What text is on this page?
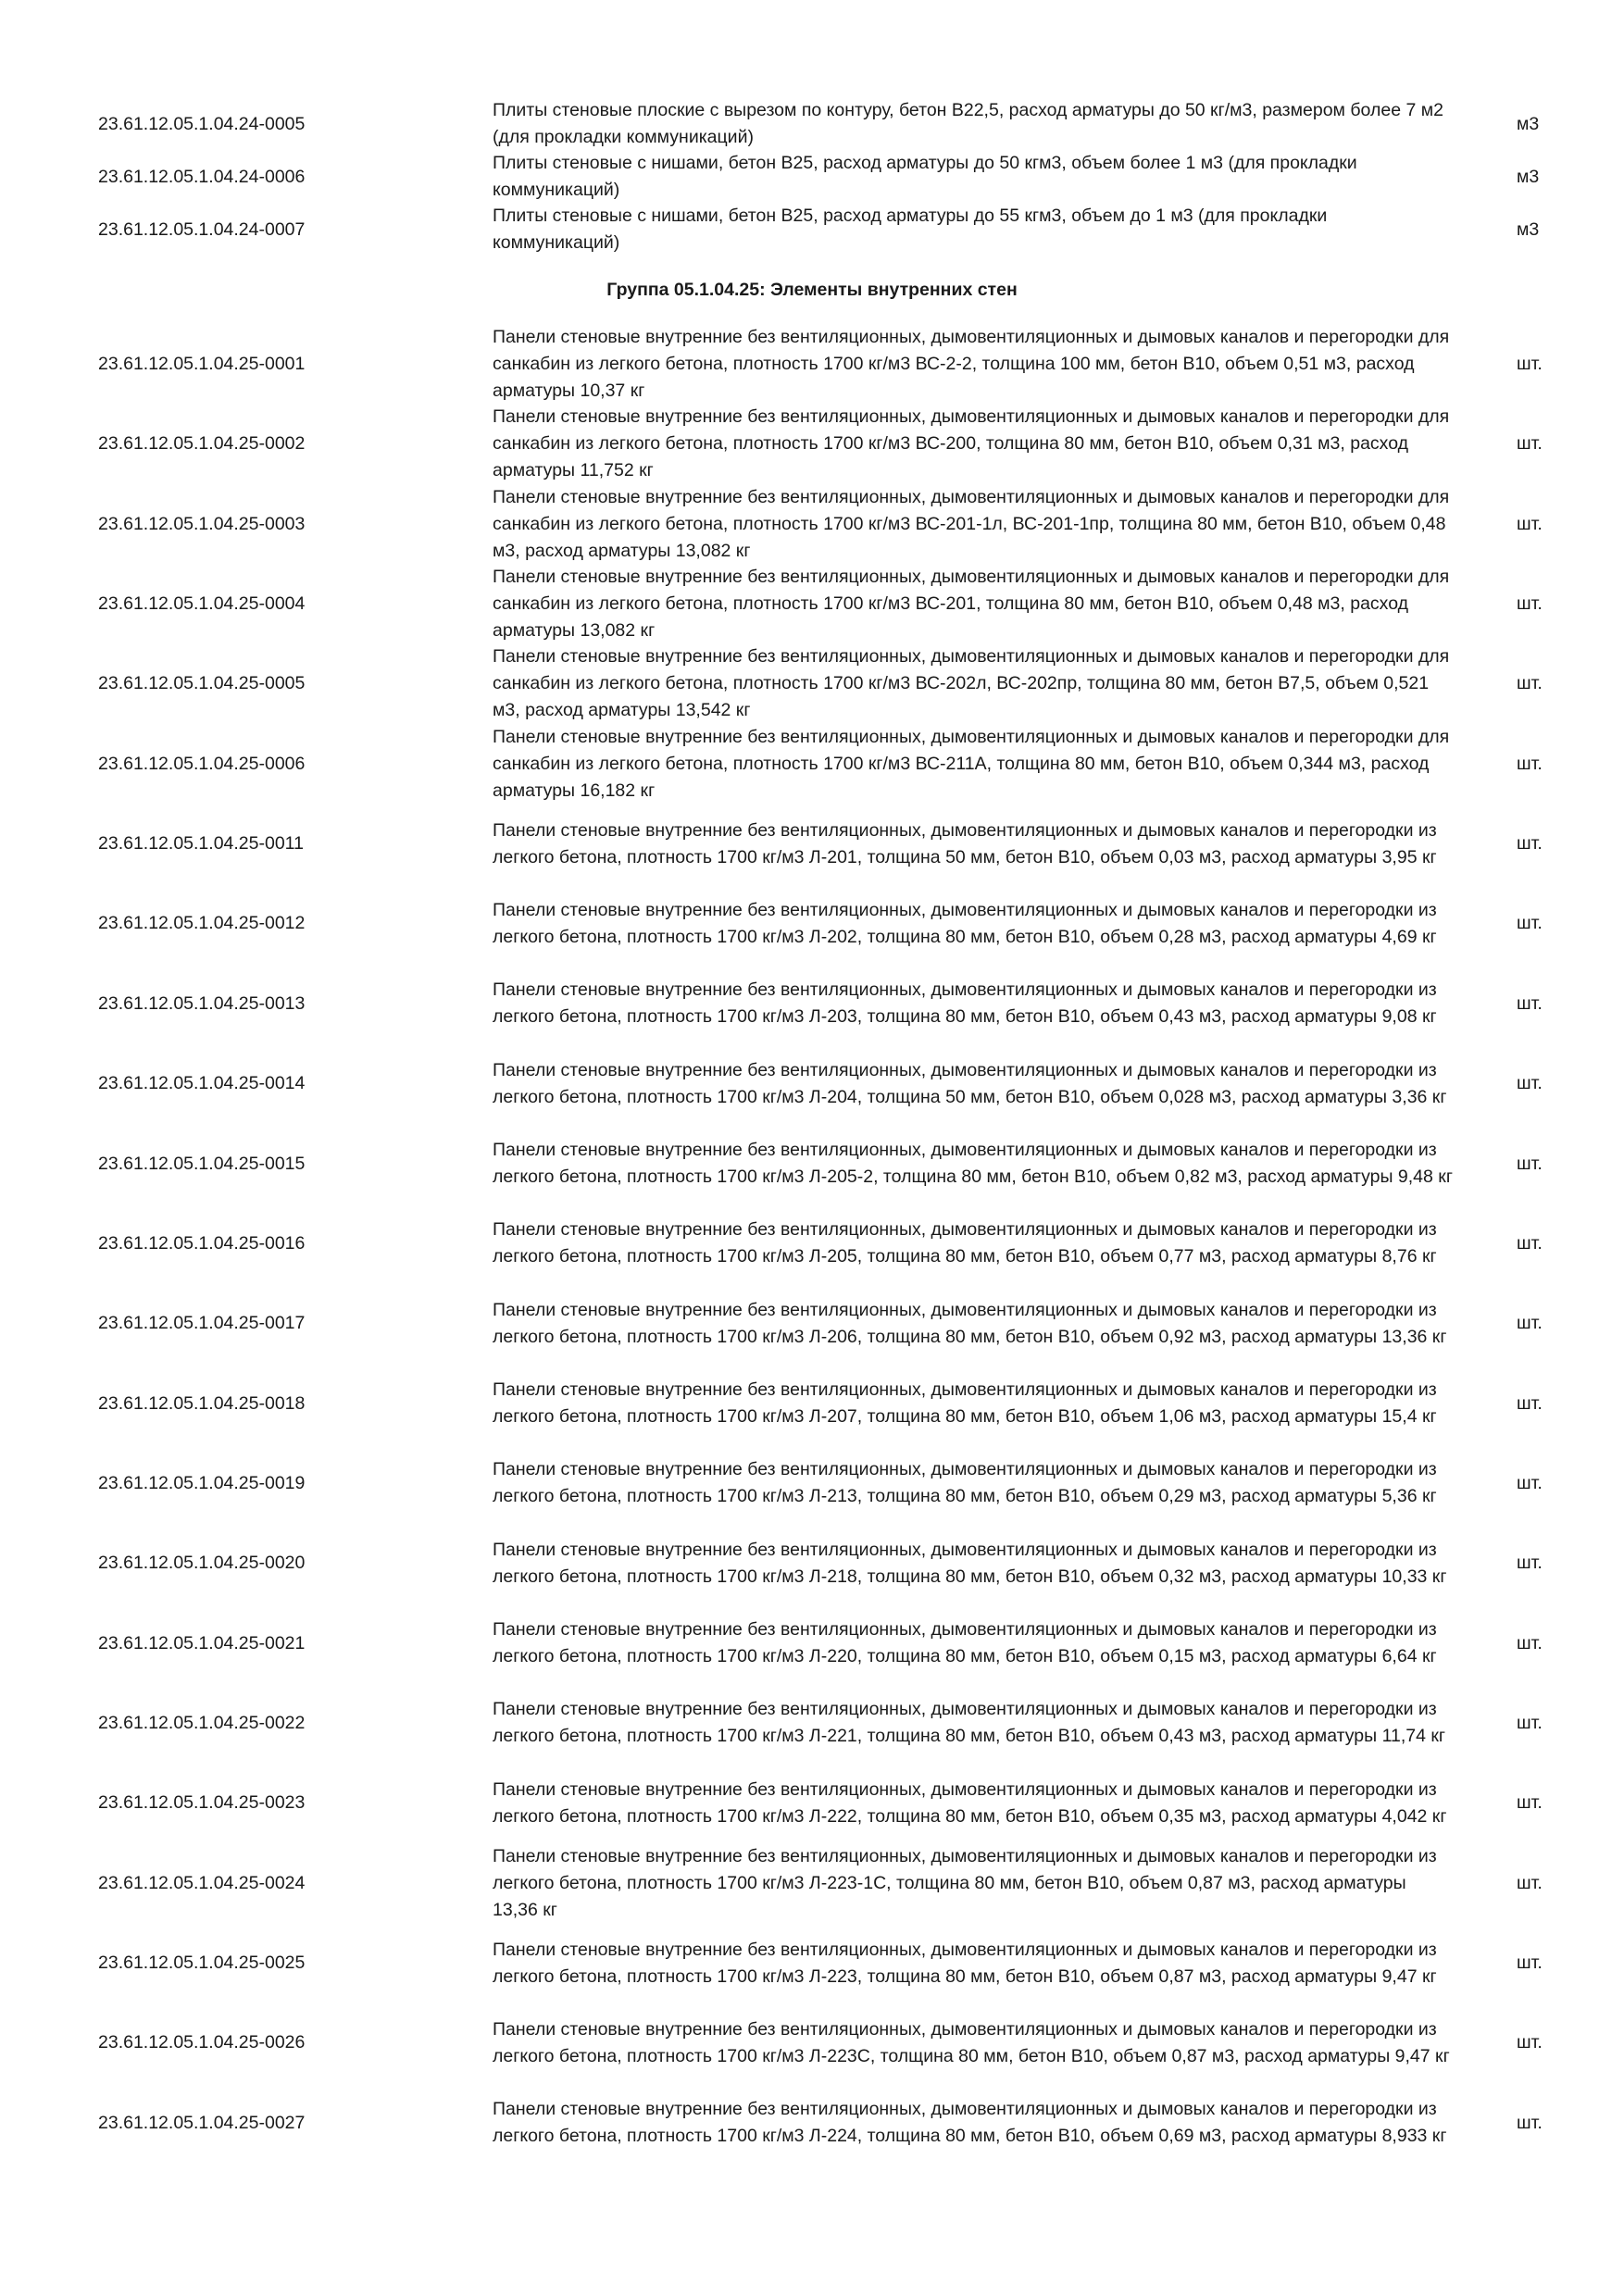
23.61.12.05.1.04.24-0005
Плиты стеновые плоские с вырезом по контуру, бетон В22,5, расход арматуры до 50 кг/м3, размером более 7 м2 (для прокладки коммуникаций)
м3
23.61.12.05.1.04.24-0006
Плиты стеновые с нишами, бетон В25, расход арматуры до 50 кгм3, объем более 1 м3 (для прокладки коммуникаций)
м3
23.61.12.05.1.04.24-0007
Плиты стеновые с нишами, бетон В25, расход арматуры до 55 кгм3, объем до 1 м3 (для прокладки коммуникаций)
м3
Группа 05.1.04.25: Элементы внутренних стен
23.61.12.05.1.04.25-0001
Панели стеновые внутренние без вентиляционных, дымовентиляционных и дымовых каналов и перегородки для санкабин из легкого бетона, плотность 1700 кг/м3 ВС-2-2, толщина 100 мм, бетон В10, объем 0,51 м3, расход арматуры 10,37 кг
шт.
23.61.12.05.1.04.25-0002
Панели стеновые внутренние без вентиляционных, дымовентиляционных и дымовых каналов и перегородки для санкабин из легкого бетона, плотность 1700 кг/м3 ВС-200, толщина 80 мм, бетон В10, объем 0,31 м3, расход арматуры 11,752 кг
шт.
23.61.12.05.1.04.25-0003
Панели стеновые внутренние без вентиляционных, дымовентиляционных и дымовых каналов и перегородки для санкабин из легкого бетона, плотность 1700 кг/м3 ВС-201-1л, ВС-201-1пр, толщина 80 мм, бетон В10, объем 0,48 м3, расход арматуры 13,082 кг
шт.
23.61.12.05.1.04.25-0004
Панели стеновые внутренние без вентиляционных, дымовентиляционных и дымовых каналов и перегородки для санкабин из легкого бетона, плотность 1700 кг/м3 ВС-201, толщина 80 мм, бетон В10, объем 0,48 м3, расход арматуры 13,082 кг
шт.
23.61.12.05.1.04.25-0005
Панели стеновые внутренние без вентиляционных, дымовентиляционных и дымовых каналов и перегородки для санкабин из легкого бетона, плотность 1700 кг/м3 ВС-202л, ВС-202пр, толщина 80 мм, бетон В7,5, объем 0,521 м3, расход арматуры 13,542 кг
шт.
23.61.12.05.1.04.25-0006
Панели стеновые внутренние без вентиляционных, дымовентиляционных и дымовых каналов и перегородки для санкабин из легкого бетона, плотность 1700 кг/м3 ВС-211А, толщина 80 мм, бетон В10, объем 0,344 м3, расход арматуры 16,182 кг
шт.
23.61.12.05.1.04.25-0011
Панели стеновые внутренние без вентиляционных, дымовентиляционных и дымовых каналов и перегородки из легкого бетона, плотность 1700 кг/м3 Л-201, толщина 50 мм, бетон В10, объем 0,03 м3, расход арматуры 3,95 кг
шт.
23.61.12.05.1.04.25-0012
Панели стеновые внутренние без вентиляционных, дымовентиляционных и дымовых каналов и перегородки из легкого бетона, плотность 1700 кг/м3 Л-202, толщина 80 мм, бетон В10, объем 0,28 м3, расход арматуры 4,69 кг
шт.
23.61.12.05.1.04.25-0013
Панели стеновые внутренние без вентиляционных, дымовентиляционных и дымовых каналов и перегородки из легкого бетона, плотность 1700 кг/м3 Л-203, толщина 80 мм, бетон В10, объем 0,43 м3, расход арматуры 9,08 кг
шт.
23.61.12.05.1.04.25-0014
Панели стеновые внутренние без вентиляционных, дымовентиляционных и дымовых каналов и перегородки из легкого бетона, плотность 1700 кг/м3 Л-204, толщина 50 мм, бетон В10, объем 0,028 м3, расход арматуры 3,36 кг
шт.
23.61.12.05.1.04.25-0015
Панели стеновые внутренние без вентиляционных, дымовентиляционных и дымовых каналов и перегородки из легкого бетона, плотность 1700 кг/м3 Л-205-2, толщина 80 мм, бетон В10, объем 0,82 м3, расход арматуры 9,48 кг
шт.
23.61.12.05.1.04.25-0016
Панели стеновые внутренние без вентиляционных, дымовентиляционных и дымовых каналов и перегородки из легкого бетона, плотность 1700 кг/м3 Л-205, толщина 80 мм, бетон В10, объем 0,77 м3, расход арматуры 8,76 кг
шт.
23.61.12.05.1.04.25-0017
Панели стеновые внутренние без вентиляционных, дымовентиляционных и дымовых каналов и перегородки из легкого бетона, плотность 1700 кг/м3 Л-206, толщина 80 мм, бетон В10, объем 0,92 м3, расход арматуры 13,36 кг
шт.
23.61.12.05.1.04.25-0018
Панели стеновые внутренние без вентиляционных, дымовентиляционных и дымовых каналов и перегородки из легкого бетона, плотность 1700 кг/м3 Л-207, толщина 80 мм, бетон В10, объем 1,06 м3, расход арматуры 15,4 кг
шт.
23.61.12.05.1.04.25-0019
Панели стеновые внутренние без вентиляционных, дымовентиляционных и дымовых каналов и перегородки из легкого бетона, плотность 1700 кг/м3 Л-213, толщина 80 мм, бетон В10, объем 0,29 м3, расход арматуры 5,36 кг
шт.
23.61.12.05.1.04.25-0020
Панели стеновые внутренние без вентиляционных, дымовентиляционных и дымовых каналов и перегородки из легкого бетона, плотность 1700 кг/м3 Л-218, толщина 80 мм, бетон В10, объем 0,32 м3, расход арматуры 10,33 кг
шт.
23.61.12.05.1.04.25-0021
Панели стеновые внутренние без вентиляционных, дымовентиляционных и дымовых каналов и перегородки из легкого бетона, плотность 1700 кг/м3 Л-220, толщина 80 мм, бетон В10, объем 0,15 м3, расход арматуры 6,64 кг
шт.
23.61.12.05.1.04.25-0022
Панели стеновые внутренние без вентиляционных, дымовентиляционных и дымовых каналов и перегородки из легкого бетона, плотность 1700 кг/м3 Л-221, толщина 80 мм, бетон В10, объем 0,43 м3, расход арматуры 11,74 кг
шт.
23.61.12.05.1.04.25-0023
Панели стеновые внутренние без вентиляционных, дымовентиляционных и дымовых каналов и перегородки из легкого бетона, плотность 1700 кг/м3 Л-222, толщина 80 мм, бетон В10, объем 0,35 м3, расход арматуры 4,042 кг
шт.
23.61.12.05.1.04.25-0024
Панели стеновые внутренние без вентиляционных, дымовентиляционных и дымовых каналов и перегородки из легкого бетона, плотность 1700 кг/м3 Л-223-1С, толщина 80 мм, бетон В10, объем 0,87 м3, расход арматуры 13,36 кг
шт.
23.61.12.05.1.04.25-0025
Панели стеновые внутренние без вентиляционных, дымовентиляционных и дымовых каналов и перегородки из легкого бетона, плотность 1700 кг/м3 Л-223, толщина 80 мм, бетон В10, объем 0,87 м3, расход арматуры 9,47 кг
шт.
23.61.12.05.1.04.25-0026
Панели стеновые внутренние без вентиляционных, дымовентиляционных и дымовых каналов и перегородки из легкого бетона, плотность 1700 кг/м3 Л-223С, толщина 80 мм, бетон В10, объем 0,87 м3, расход арматуры 9,47 кг
шт.
23.61.12.05.1.04.25-0027
Панели стеновые внутренние без вентиляционных, дымовентиляционных и дымовых каналов и перегородки из легкого бетона, плотность 1700 кг/м3 Л-224, толщина 80 мм, бетон В10, объем 0,69 м3, расход арматуры 8,933 кг
шт.
